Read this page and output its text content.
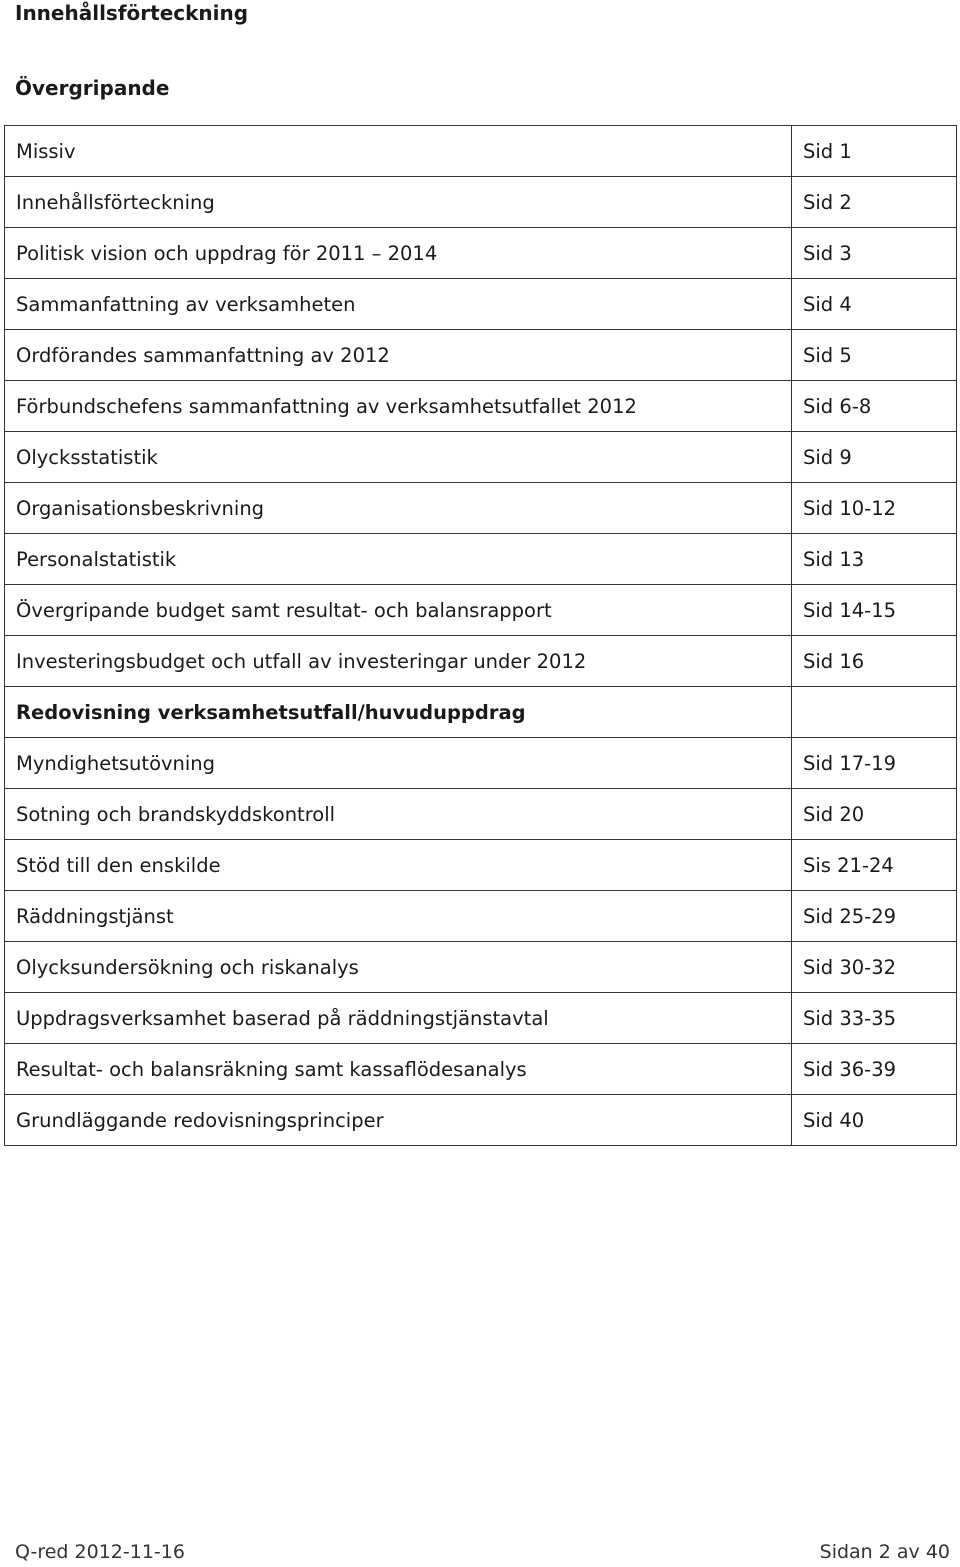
Innehållsförteckning
Övergripande
Missiv	Sid 1
Innehållsförteckning	Sid 2
Politisk vision och uppdrag för 2011 – 2014	Sid 3
Sammanfattning av verksamheten	Sid 4
Ordförandes sammanfattning av 2012	Sid 5
Förbundschefens sammanfattning av verksamhetsutfallet 2012	Sid 6-8
Olycksstatistik	Sid 9
Organisationsbeskrivning	Sid 10-12
Personalstatistik	Sid 13
Övergripande budget samt resultat- och balansrapport	Sid 14-15
Investeringsbudget och utfall av investeringar under 2012	Sid 16
Redovisning verksamhetsutfall/huvuduppdrag	
Myndighetsutövning	Sid 17-19
Sotning och brandskyddskontroll	Sid 20
Stöd till den enskilde	Sis 21-24
Räddningstjänst	Sid 25-29
Olycksundersökning och riskanalys	Sid 30-32
Uppdragsverksamhet baserad på räddningstjänstavtal	Sid 33-35
Resultat- och balansräkning samt kassaflödesanalys	Sid 36-39
Grundläggande redovisningsprinciper	Sid 40
Q-red 2012-11-16	Sidan 2 av 40
